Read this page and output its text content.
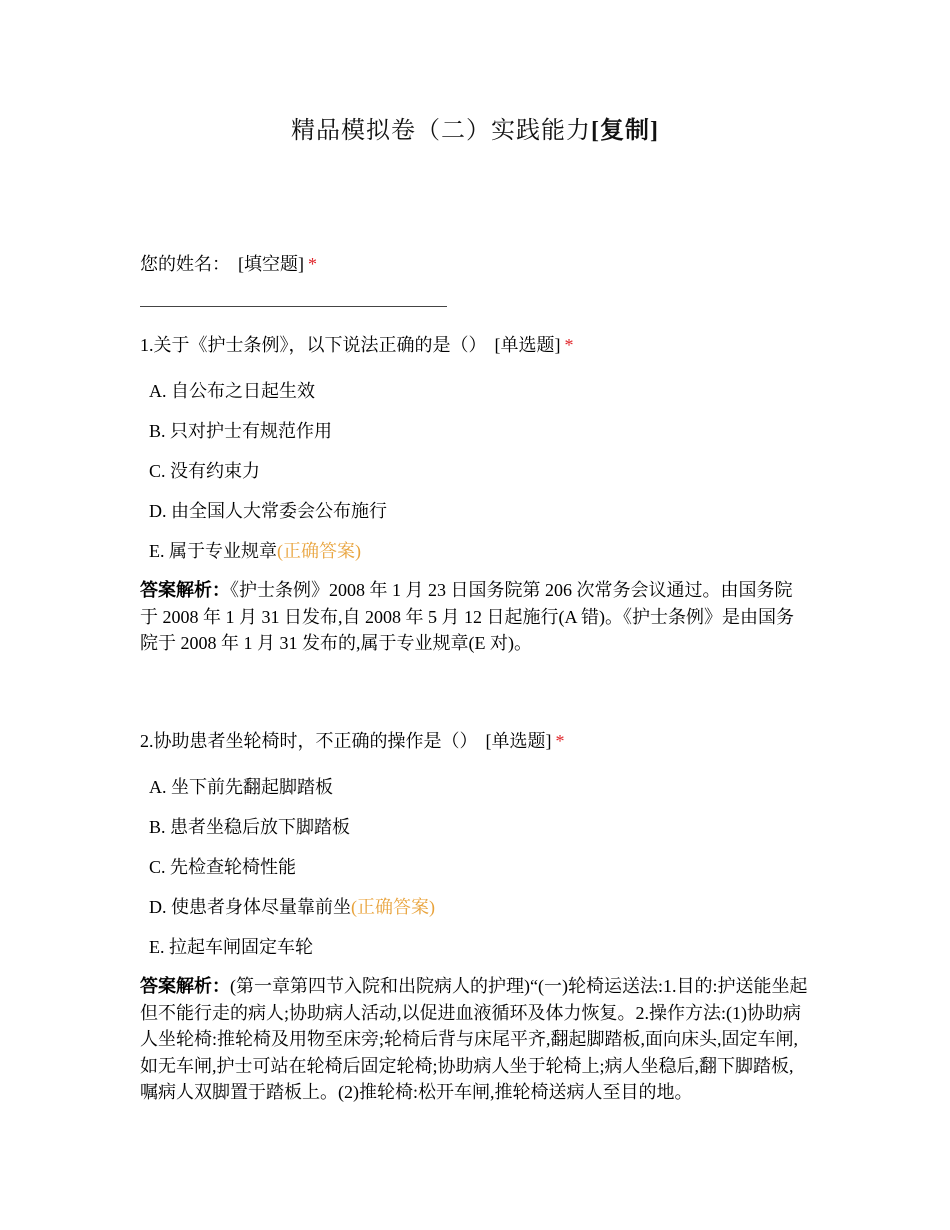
精品模拟卷（二）实践能力[复制]
您的姓名： [填空题] *
1.关于《护士条例》，以下说法正确的是（） [单选题] *
A. 自公布之日起生效
B. 只对护士有规范作用
C. 没有约束力
D. 由全国人大常委会公布施行
E. 属于专业规章(正确答案)
答案解析：《护士条例》2008 年 1 月 23 日国务院第 206 次常务会议通过。由国务院于 2008 年 1 月 31 日发布,自 2008 年 5 月 12 日起施行(A 错)。《护士条例》是由国务院于 2008 年 1 月 31 发布的,属于专业规章(E 对)。
2.协助患者坐轮椅时，不正确的操作是（） [单选题] *
A. 坐下前先翻起脚踏板
B. 患者坐稳后放下脚踏板
C. 先检查轮椅性能
D. 使患者身体尽量靠前坐(正确答案)
E. 拉起车闸固定车轮
答案解析：(第一章第四节入院和出院病人的护理)“(一)轮椅运送法:1.目的:护送能坐起但不能行走的病人;协助病人活动,以促进血液循环及体力恢复。2.操作方法:(1)协助病人坐轮椅:推轮椅及用物至床旁;轮椅后背与床尾平齐,翻起脚踏板,面向床头,固定车闸,如无车闸,护士可站在轮椅后固定轮椅;协助病人坐于轮椅上;病人坐稳后,翻下脚踏板,嘱病人双脚置于踏板上。(2)推轮椅:松开车闸,推轮椅送病人至目的地。
